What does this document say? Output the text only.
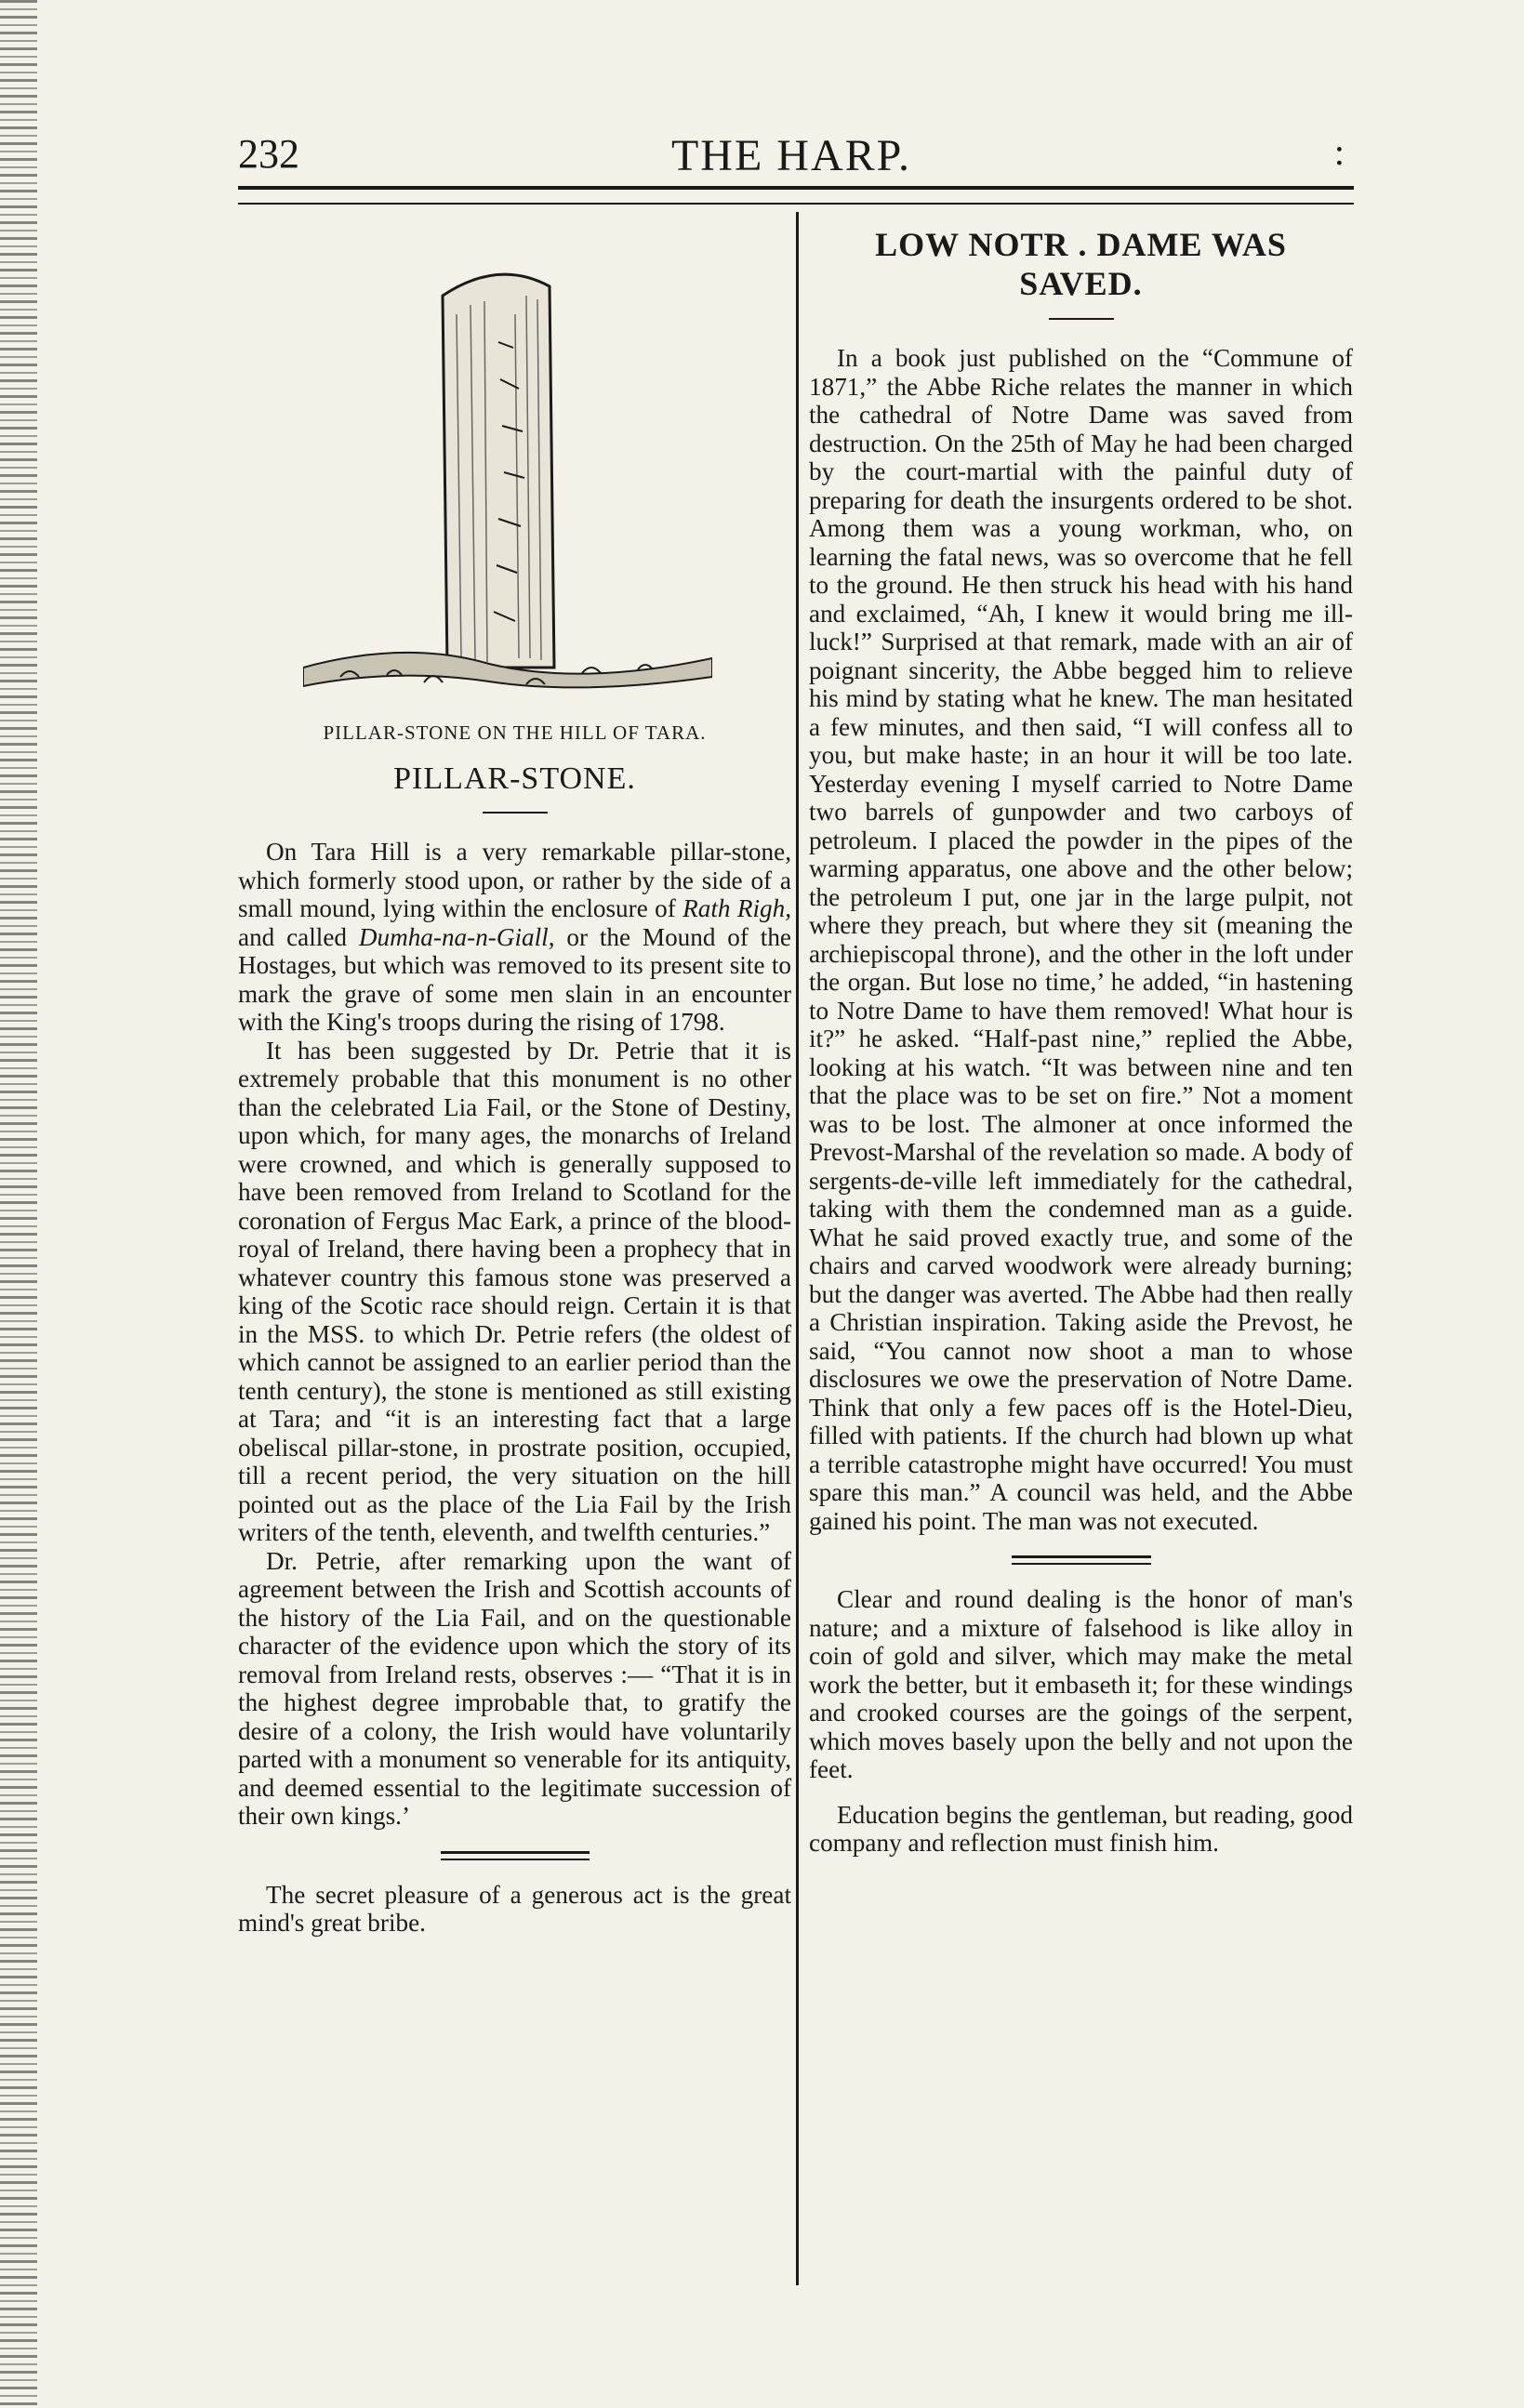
THE HARP.
232	:
PILLAR-STONE ON THE HILL OF TARA.
PILLAR-STONE.

On Tara Hill is a very remarkable pillar-stone, which formerly stood upon, or rather by the side of a small mound, lying within the enclosure of Rath Righ, and called Dumha-na-n-Giall, or the Mound of the Hostages, but which was removed to its present site to mark the grave of some men slain in an encounter with the King's troops during the rising of 1798.

It has been suggested by Dr. Petrie that it is extremely probable that this monument is no other than the celebrated Lia Fail, or the Stone of Destiny, upon which, for many ages, the monarchs of Ireland were crowned, and which is generally supposed to have been removed from Ireland to Scotland for the coronation of Fergus Mac Eark, a prince of the blood-royal of Ireland, there having been a prophecy that in whatever country this famous stone was preserved a king of the Scotic race should reign. Certain it is that in the MSS. to which Dr. Petrie refers (the oldest of which cannot be assigned to an earlier period than the tenth century), the stone is mentioned as still existing at Tara; and “it is an interesting fact that a large obeliscal pillar-stone, in prostrate position, occupied, till a recent period, the very situation on the hill pointed out as the place of the Lia Fail by the Irish writers of the tenth, eleventh, and twelfth centuries.”

Dr. Petrie, after remarking upon the want of agreement between the Irish and Scottish accounts of the history of the Lia Fail, and on the questionable character of the evidence upon which the story of its removal from Ireland rests, observes :— “That it is in the highest degree improbable that, to gratify the desire of a colony, the Irish would have voluntarily parted with a monument so venerable for its antiquity, and deemed essential to the legitimate succession of their own kings.’

The secret pleasure of a generous act is the great mind's great bribe.

LOW NOTR . DAME WAS SAVED.

In a book just published on the “Commune of 1871,” the Abbe Riche relates the manner in which the cathedral of Notre Dame was saved from destruction. On the 25th of May he had been charged by the court-martial with the painful duty of preparing for death the insurgents ordered to be shot. Among them was a young workman, who, on learning the fatal news, was so overcome that he fell to the ground. He then struck his head with his hand and exclaimed, “Ah, I knew it would bring me ill-luck!” Surprised at that remark, made with an air of poignant sincerity, the Abbe begged him to relieve his mind by stating what he knew. The man hesitated a few minutes, and then said, “I will confess all to you, but make haste; in an hour it will be too late. Yesterday evening I myself carried to Notre Dame two barrels of gunpowder and two carboys of petroleum. I placed the powder in the pipes of the warming apparatus, one above and the other below; the petroleum I put, one jar in the large pulpit, not where they preach, but where they sit (meaning the archiepiscopal throne), and the other in the loft under the organ. But lose no time,’ he added, “in hastening to Notre Dame to have them removed! What hour is it?” he asked. “Half-past nine,” replied the Abbe, looking at his watch. “It was between nine and ten that the place was to be set on fire.” Not a moment was to be lost. The almoner at once informed the Prevost-Marshal of the revelation so made. A body of sergents-de-ville left immediately for the cathedral, taking with them the condemned man as a guide. What he said proved exactly true, and some of the chairs and carved woodwork were already burning; but the danger was averted. The Abbe had then really a Christian inspiration. Taking aside the Prevost, he said, “You cannot now shoot a man to whose disclosures we owe the preservation of Notre Dame. Think that only a few paces off is the Hotel-Dieu, filled with patients. If the church had blown up what a terrible catastrophe might have occurred! You must spare this man.” A council was held, and the Abbe gained his point. The man was not executed.

Clear and round dealing is the honor of man's nature; and a mixture of falsehood is like alloy in coin of gold and silver, which may make the metal work the better, but it embaseth it; for these windings and crooked courses are the goings of the serpent, which moves basely upon the belly and not upon the feet.

Education begins the gentleman, but reading, good company and reflection must finish him.
